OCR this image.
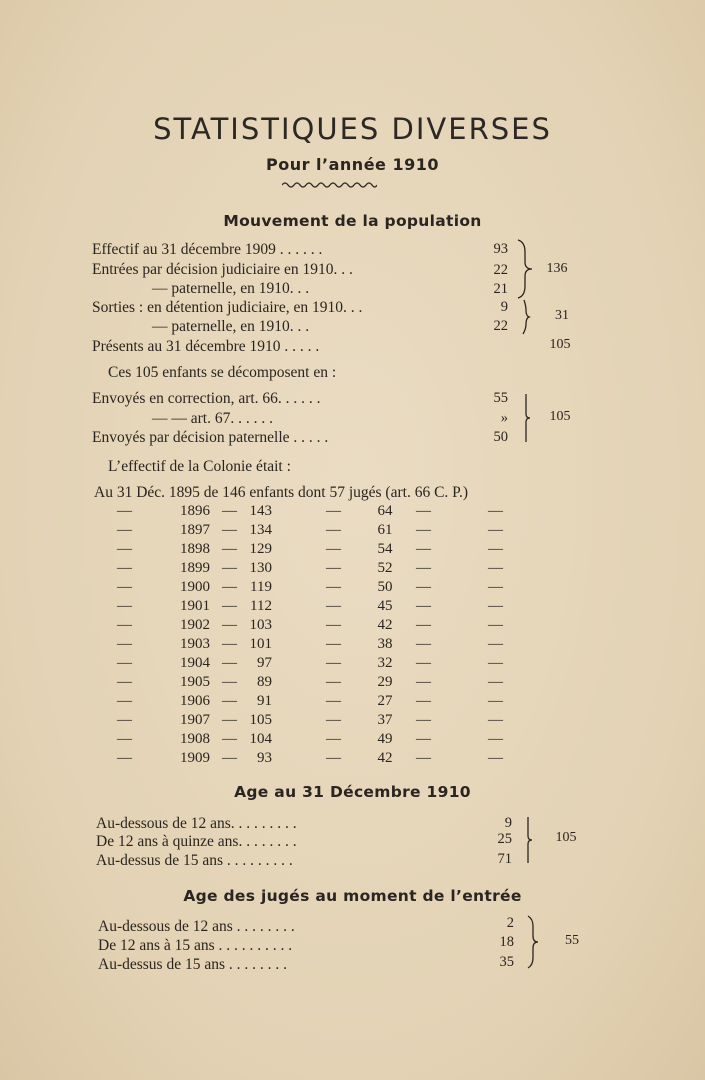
STATISTIQUES DIVERSES
Pour l’année 1910
Mouvement de la population
Effectif au 31 décembre 1909 . . . . . .	93
Entrées par décision judiciaire en 1910. . .	22
— paternelle, en 1910. . .	21
136
Sorties : en détention judiciaire, en 1910. . .	9
— paternelle, en 1910. . .	22
31
Présents au 31 décembre 1910 . . . . .	105
Ces 105 enfants se décomposent en :
Envoyés en correction, art. 66. . . . . .	55
— — art. 67. . . . . .	»
Envoyés par décision paternelle . . . . .	50
105
L’effectif de la Colonie était :
Au 31 Déc. 1895 de 146 enfants dont 57 jugés (art. 66 C. P.)
—	1896 — 143	—	64	—	—
—	1897 — 134	—	61	—	—
—	1898 — 129	—	54	—	—
—	1899 — 130	—	52	—	—
—	1900 — 119	—	50	—	—
—	1901 — 112	—	45	—	—
—	1902 — 103	—	42	—	—
—	1903 — 101	—	38	—	—
—	1904 —	97	—	32	—	—
—	1905 —	89	—	29	—	—
—	1906 —	91	—	27	—	—
—	1907 — 105	—	37	—	—
—	1908 — 104	—	49	—	—
—	1909 —	93	—	42	—	—
Age au 31 Décembre 1910
Au-dessous de 12 ans. . . . . . . . .	9
De 12 ans à quinze ans. . . . . . . .	25
Au-dessus de 15 ans . . . . . . . . .	71
105
Age des jugés au moment de l’entrée
Au-dessous de 12 ans . . . . . . . .	2
De 12 ans à 15 ans . . . . . . . . . .	18
Au-dessus de 15 ans . . . . . . . .	35
55
